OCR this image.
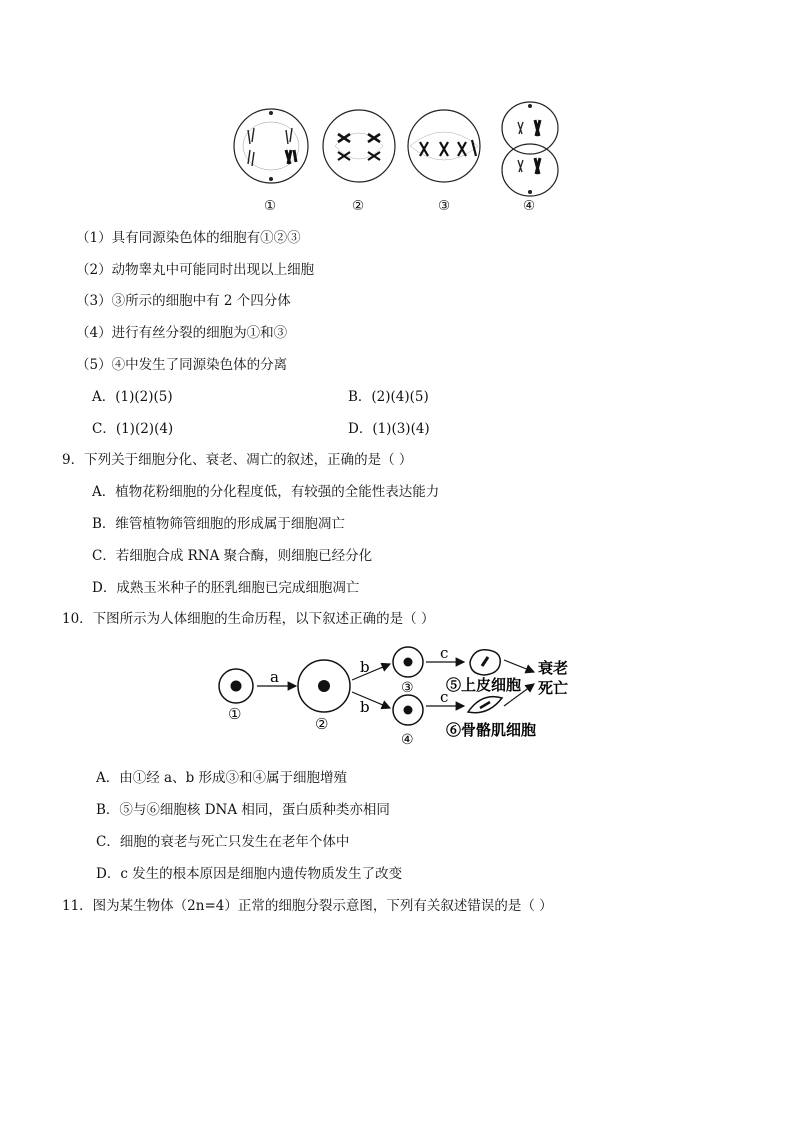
①	②	③	④
（1）具有同源染色体的细胞有①②③
（2）动物睾丸中可能同时出现以上细胞
（3）③所示的细胞中有 2 个四分体
（4）进行有丝分裂的细胞为①和③
（5）④中发生了同源染色体的分离
A．(1)(2)(5)	B．(2)(4)(5)
C．(1)(2)(4)	D．(1)(3)(4)
9．下列关于细胞分化、衰老、凋亡的叙述，正确的是（ ）
A．植物花粉细胞的分化程度低，有较强的全能性表达能力
B．维管植物筛管细胞的形成属于细胞凋亡
C．若细胞合成 RNA 聚合酶，则细胞已经分化
D．成熟玉米种子的胚乳细胞已完成细胞凋亡
10．下图所示为人体细胞的生命历程，以下叙述正确的是（ ）
a
b
b
③
④
c
c
⑤上皮细胞
⑥骨骼肌细胞
衰老
死亡
①
②
A．由①经 a、b 形成③和④属于细胞增殖
B．⑤与⑥细胞核 DNA 相同，蛋白质种类亦相同
C．细胞的衰老与死亡只发生在老年个体中
D．c 发生的根本原因是细胞内遗传物质发生了改变
11．图为某生物体（2n=4）正常的细胞分裂示意图，下列有关叙述错误的是（ ）
